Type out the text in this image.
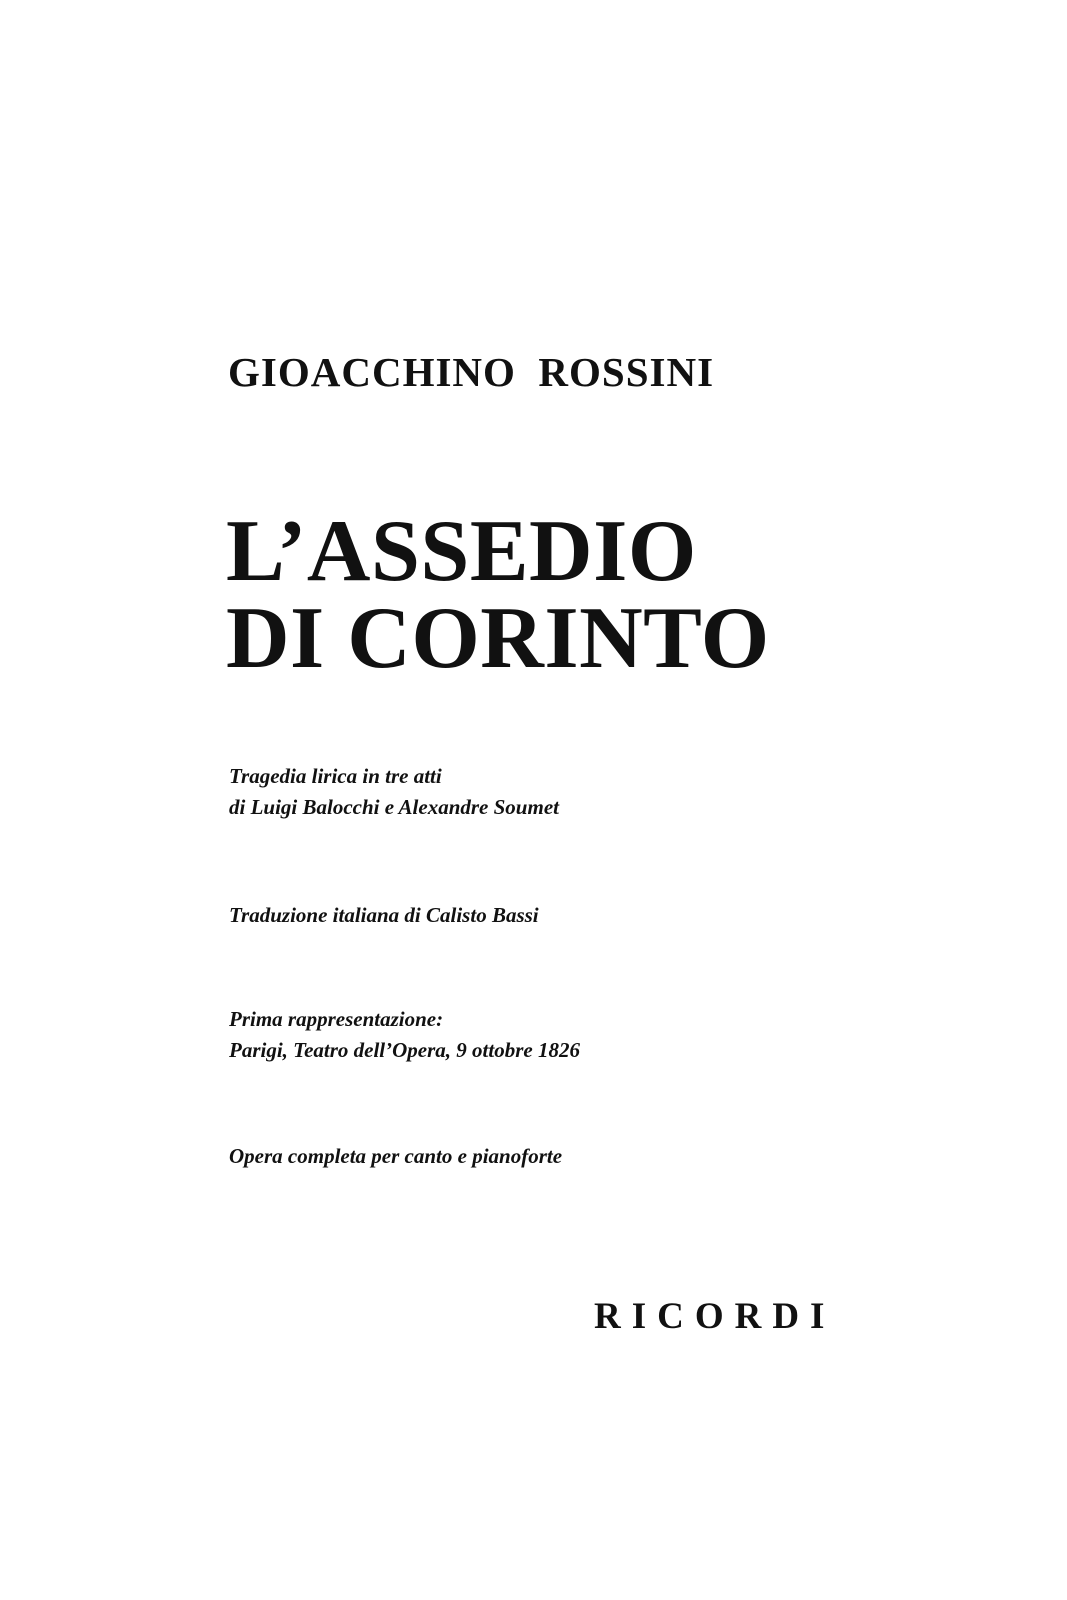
GIOACCHINO  ROSSINI
L’ASSEDIO
DI CORINTO
Tragedia lirica in tre atti
di Luigi Balocchi e Alexandre Soumet
Traduzione italiana di Calisto Bassi
Prima rappresentazione:
Parigi, Teatro dell’Opera, 9 ottobre 1826
Opera completa per canto e pianoforte
RICORDI
